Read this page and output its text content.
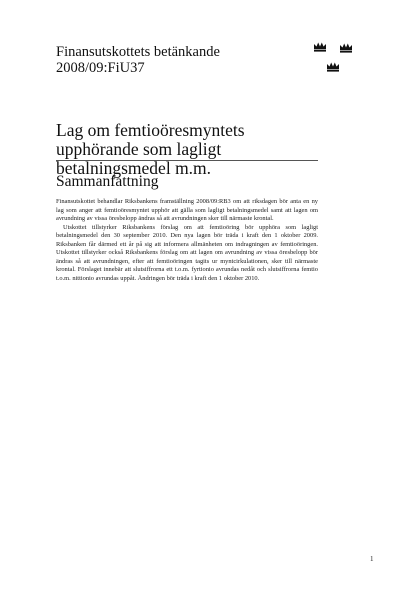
Finansutskottets betänkande
2008/09:FiU37
Lag om femtioöresmyntets upphörande som lagligt betalningsmedel m.m.
Sammanfattning

Finansutskottet behandlar Riksbankens framställning 2008/09:RB3 om att riksdagen bör anta en ny lag som anger att femtioöresmyntet upphör att gälla som lagligt betalningsmedel samt att lagen om avrundning av vissa öresbelopp ändras så att avrundningen sker till närmaste krontal.

Utskottet tillstyrker Riksbankens förslag om att femtioöring bör upphöra som lagligt betalningsmedel den 30 september 2010. Den nya lagen bör träda i kraft den 1 oktober 2009. Riksbanken får därmed ett år på sig att informera allmänheten om indragningen av femtioöringen. Utskottet tillstyrker också Riksbankens förslag om att lagen om avrundning av vissa öresbelopp bör ändras så att avrundningen, efter att femtioöringen tagits ur myntcirkulationen, sker till närmaste krontal. Förslaget innebär att slutsiffrorna ett t.o.m. fyrtionio avrundas nedåt och slutsiffrorna femtio t.o.m. nittionio avrundas uppåt. Ändringen bör träda i kraft den 1 oktober 2010.

1
